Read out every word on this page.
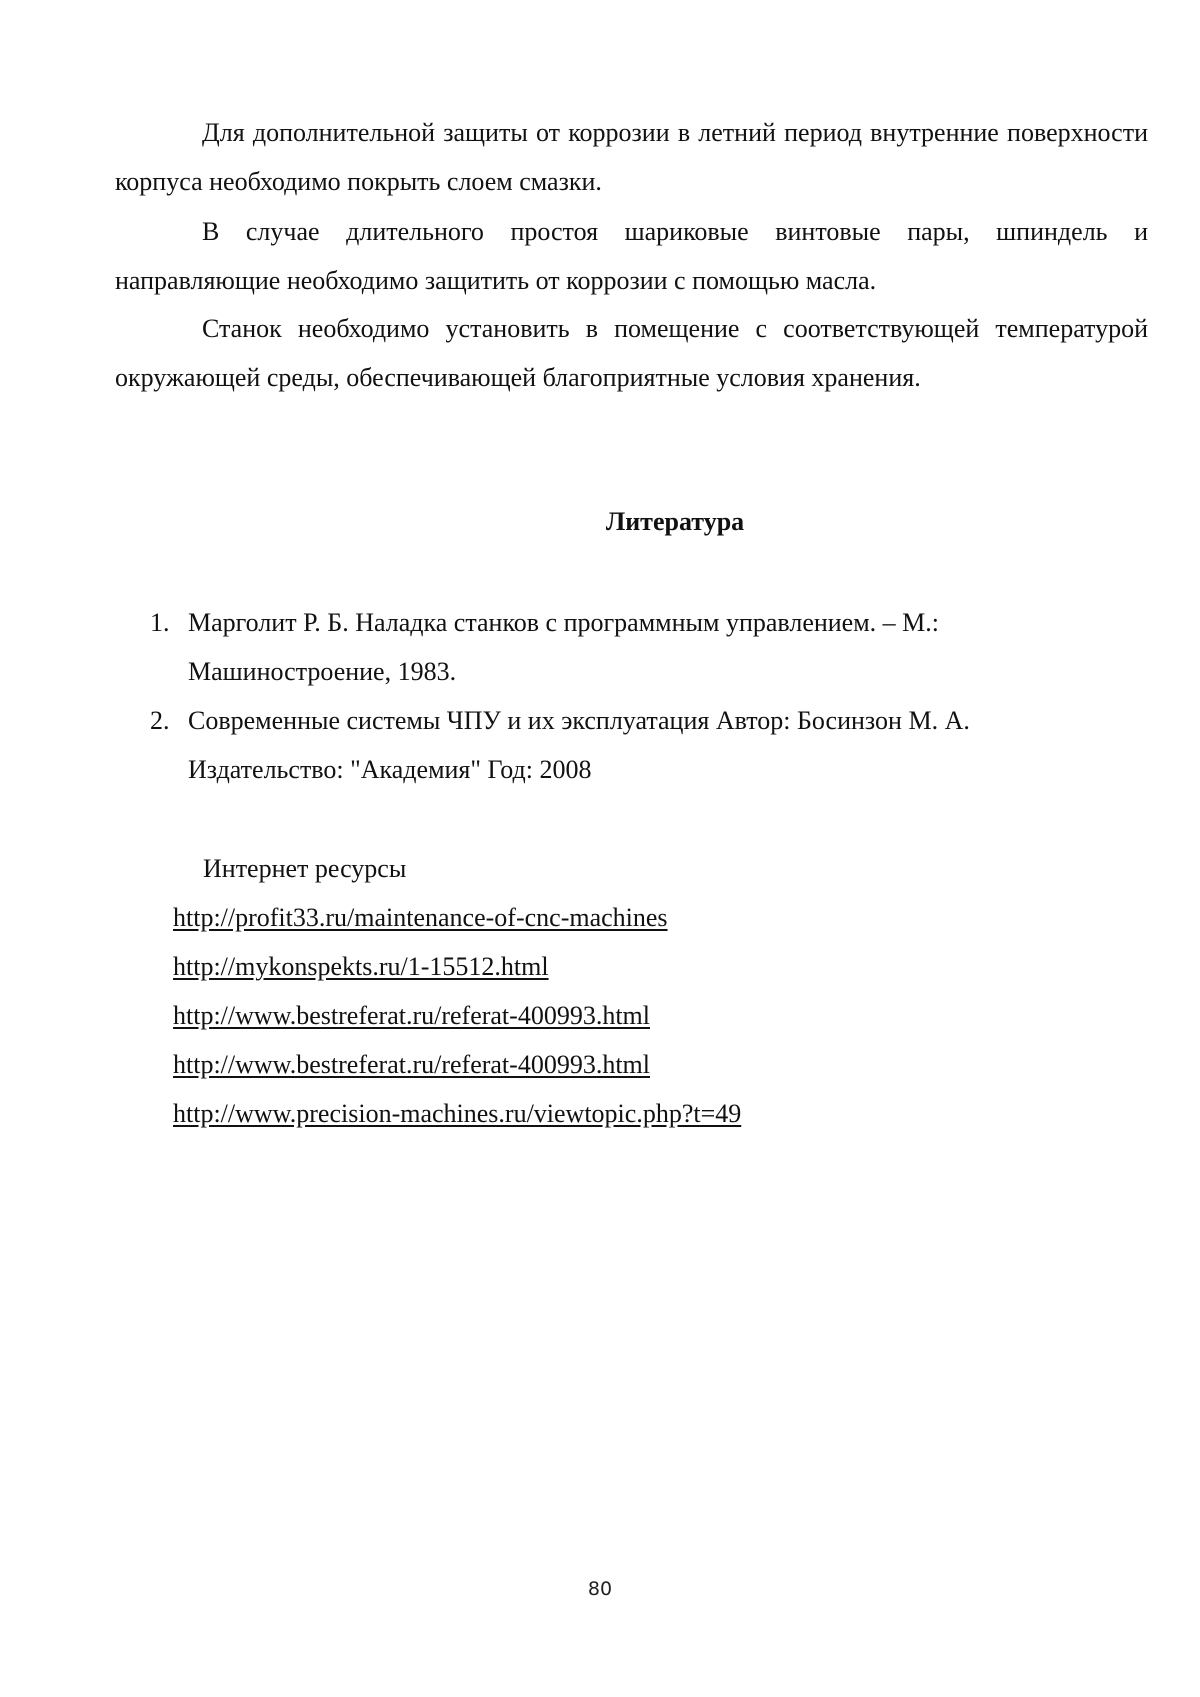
Для дополнительной защиты от коррозии в летний период внутренние поверхности корпуса необходимо покрыть слоем смазки.

В случае длительного простоя шариковые винтовые пары, шпиндель и направляющие необходимо защитить от коррозии с помощью масла.

Станок необходимо установить в помещение с соответствующей температурой окружающей среды, обеспечивающей благоприятные условия хранения.

Литература
1. Марголит Р. Б. Наладка станков с программным управлением. – М.:
Машиностроение, 1983.
2. Современные системы ЧПУ и их эксплуатация Автор: Босинзон М. А.
Издательство: "Академия" Год: 2008

Интернет ресурсы

http://profit33.ru/maintenance-of-cnc-machines
http://mykonspekts.ru/1-15512.html
http://www.bestreferat.ru/referat-400993.html
http://www.bestreferat.ru/referat-400993.html
http://www.precision-machines.ru/viewtopic.php?t=49
80
